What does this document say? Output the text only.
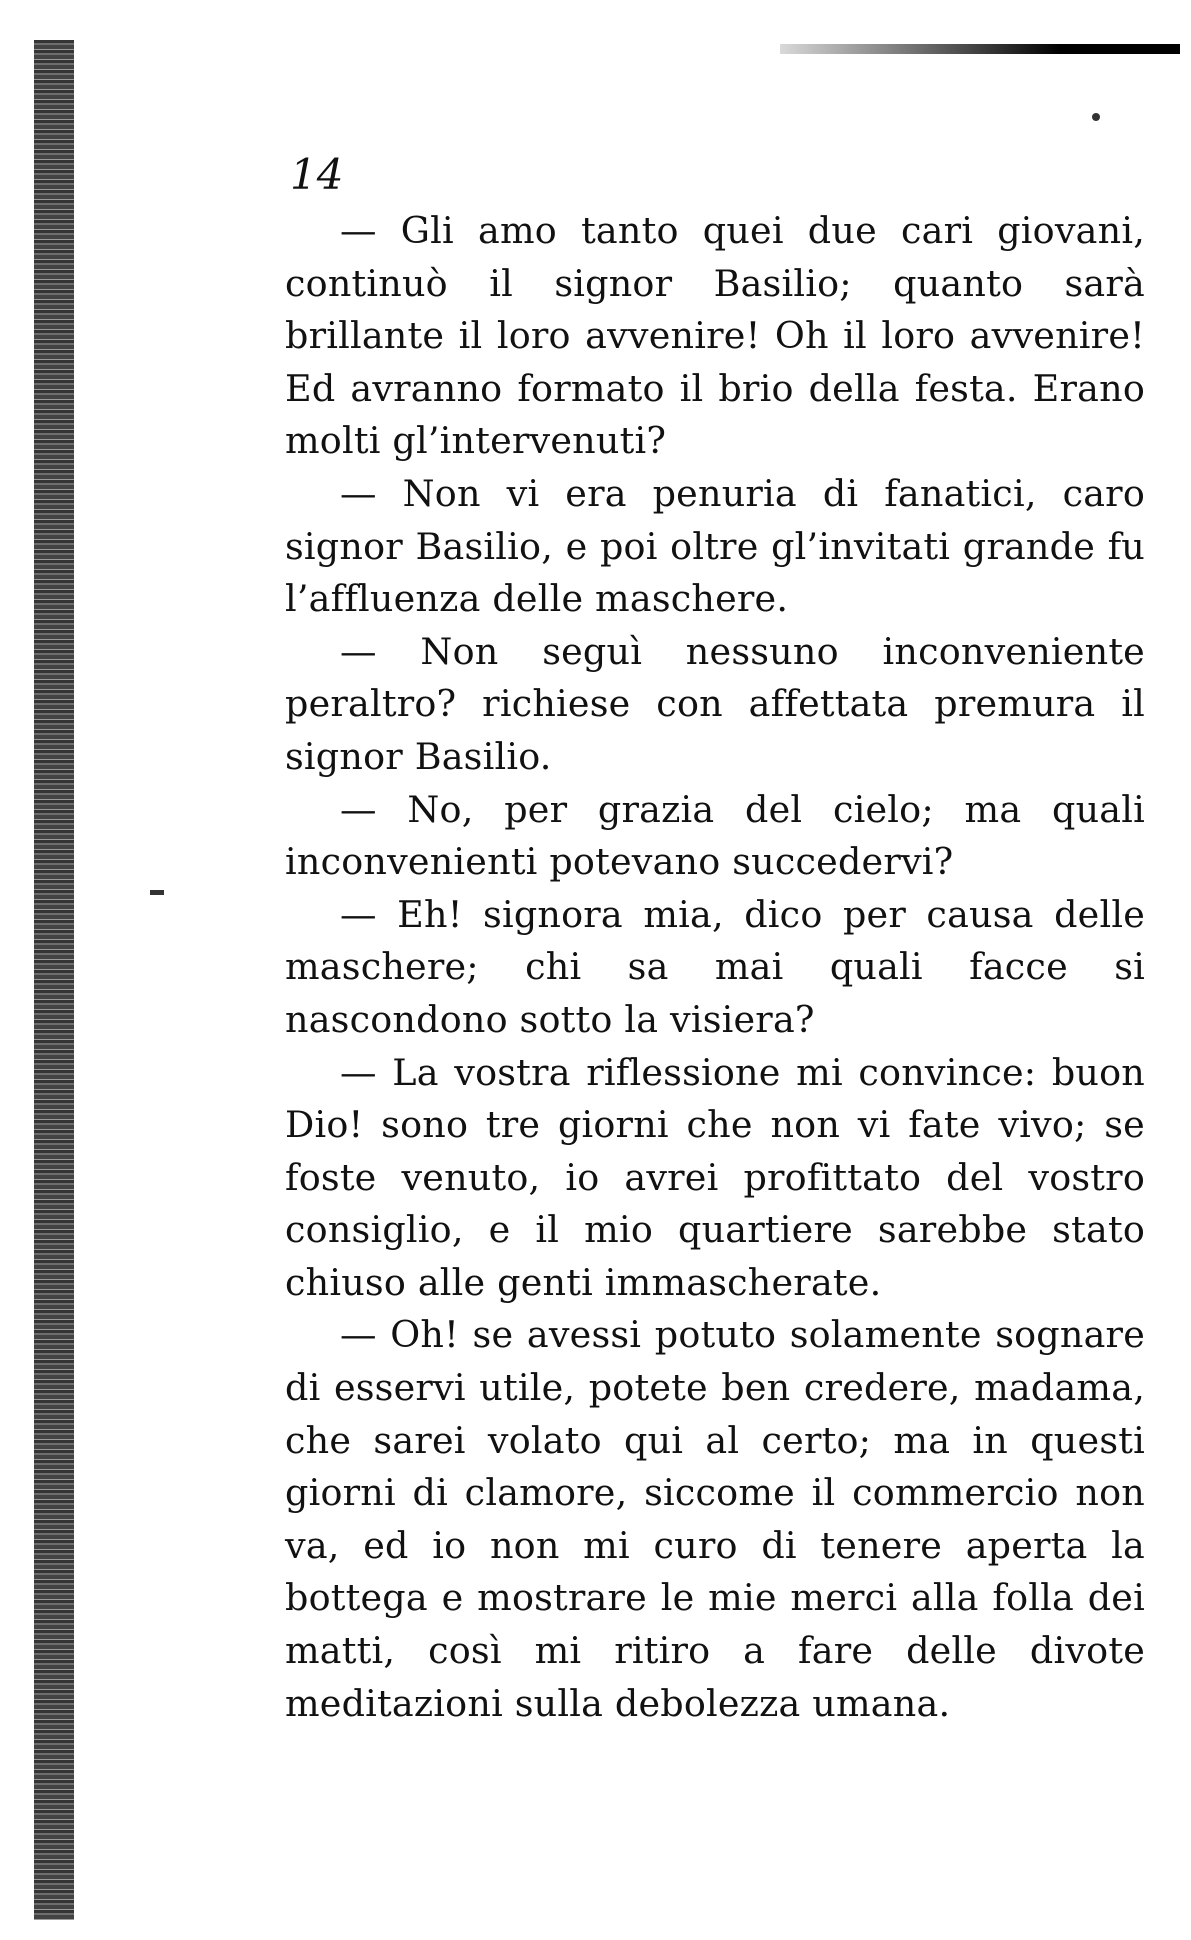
14

— Gli amo tanto quei due cari giovani, continuò il signor Basilio; quanto sarà brillante il loro avvenire! Oh il loro avvenire! Ed avranno formato il brio della festa. Erano molti gl’intervenuti?

— Non vi era penuria di fanatici, caro signor Basilio, e poi oltre gl’invitati grande fu l’affluenza delle maschere.

— Non seguì nessuno inconveniente peraltro? richiese con affettata premura il signor Basilio.

— No, per grazia del cielo; ma quali inconvenienti potevano succedervi?

— Eh! signora mia, dico per causa delle maschere; chi sa mai quali facce si nascondono sotto la visiera?

— La vostra riflessione mi convince: buon Dio! sono tre giorni che non vi fate vivo; se foste venuto, io avrei profittato del vostro consiglio, e il mio quartiere sarebbe stato chiuso alle genti immascherate.

— Oh! se avessi potuto solamente sognare di esservi utile, potete ben credere, madama, che sarei volato qui al certo; ma in questi giorni di clamore, siccome il commercio non va, ed io non mi curo di tenere aperta la bottega e mostrare le mie merci alla folla dei matti, così mi ritiro a fare delle divote meditazioni sulla debolezza umana.
